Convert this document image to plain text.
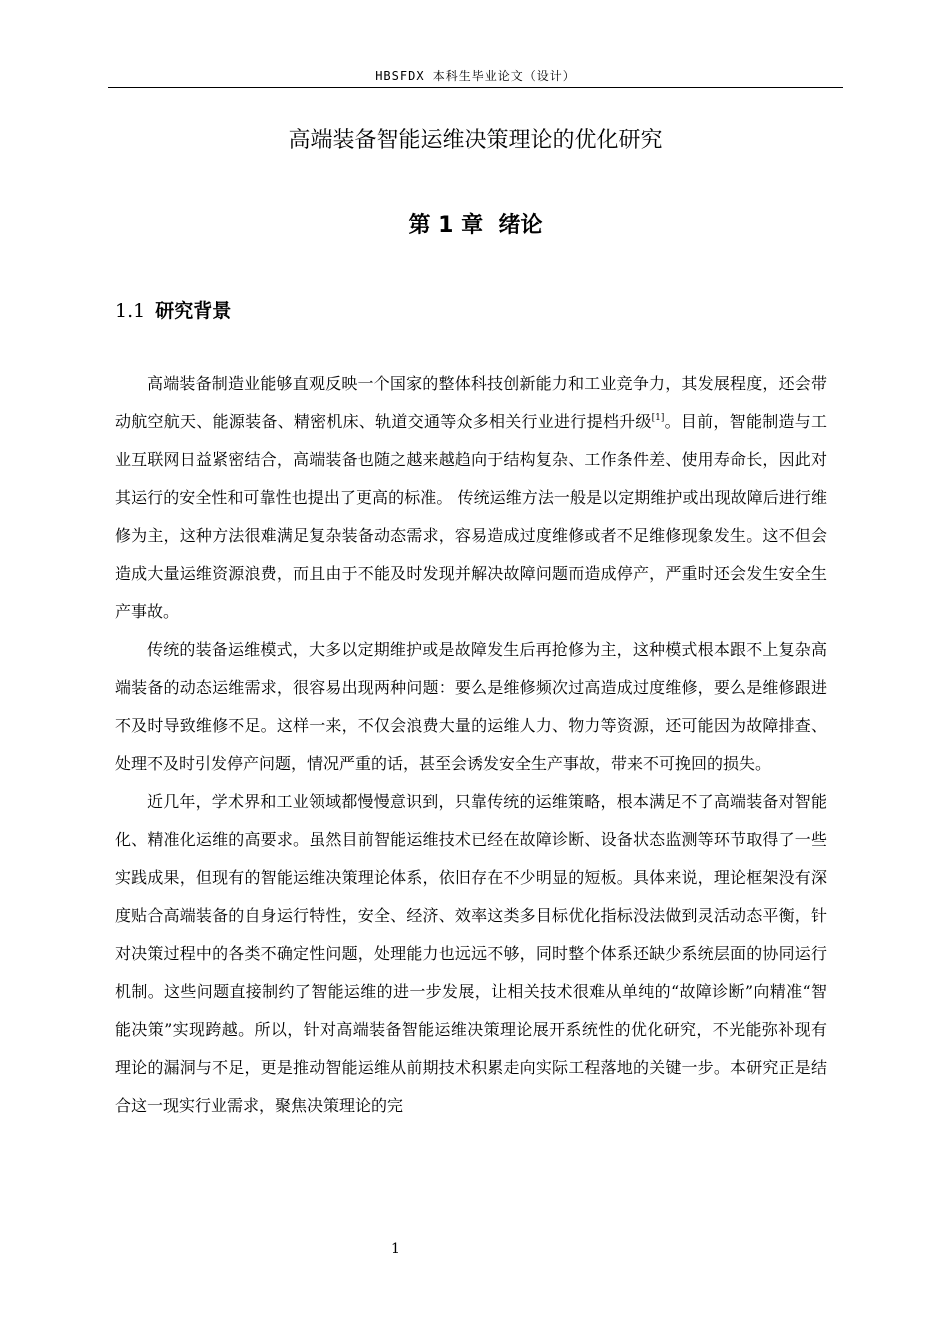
HBSFDX 本科生毕业论文（设计）
高端装备智能运维决策理论的优化研究
第 1 章 绪论
1.1 研究背景

高端装备制造业能够直观反映一个国家的整体科技创新能力和工业竞争力，其发展程度，还会带动航空航天、能源装备、精密机床、轨道交通等众多相关行业进行提档升级[1]。目前，智能制造与工业互联网日益紧密结合，高端装备也随之越来越趋向于结构复杂、工作条件差、使用寿命长，因此对其运行的安全性和可靠性也提出了更高的标准。 传统运维方法一般是以定期维护或出现故障后进行维修为主，这种方法很难满足复杂装备动态需求，容易造成过度维修或者不足维修现象发生。这不但会造成大量运维资源浪费，而且由于不能及时发现并解决故障问题而造成停产，严重时还会发生安全生产事故。

传统的装备运维模式，大多以定期维护或是故障发生后再抢修为主，这种模式根本跟不上复杂高端装备的动态运维需求，很容易出现两种问题：要么是维修频次过高造成过度维修，要么是维修跟进不及时导致维修不足。这样一来，不仅会浪费大量的运维人力、物力等资源，还可能因为故障排查、处理不及时引发停产问题，情况严重的话，甚至会诱发安全生产事故，带来不可挽回的损失。

近几年，学术界和工业领域都慢慢意识到，只靠传统的运维策略，根本满足不了高端装备对智能化、精准化运维的高要求。虽然目前智能运维技术已经在故障诊断、设备状态监测等环节取得了一些实践成果，但现有的智能运维决策理论体系，依旧存在不少明显的短板。具体来说，理论框架没有深度贴合高端装备的自身运行特性，安全、经济、效率这类多目标优化指标没法做到灵活动态平衡，针对决策过程中的各类不确定性问题，处理能力也远远不够，同时整个体系还缺少系统层面的协同运行机制。这些问题直接制约了智能运维的进一步发展，让相关技术很难从单纯的“故障诊断”向精准“智能决策”实现跨越。所以，针对高端装备智能运维决策理论展开系统性的优化研究，不光能弥补现有理论的漏洞与不足，更是推动智能运维从前期技术积累走向实际工程落地的关键一步。本研究正是结合这一现实行业需求，聚焦决策理论的完

1
